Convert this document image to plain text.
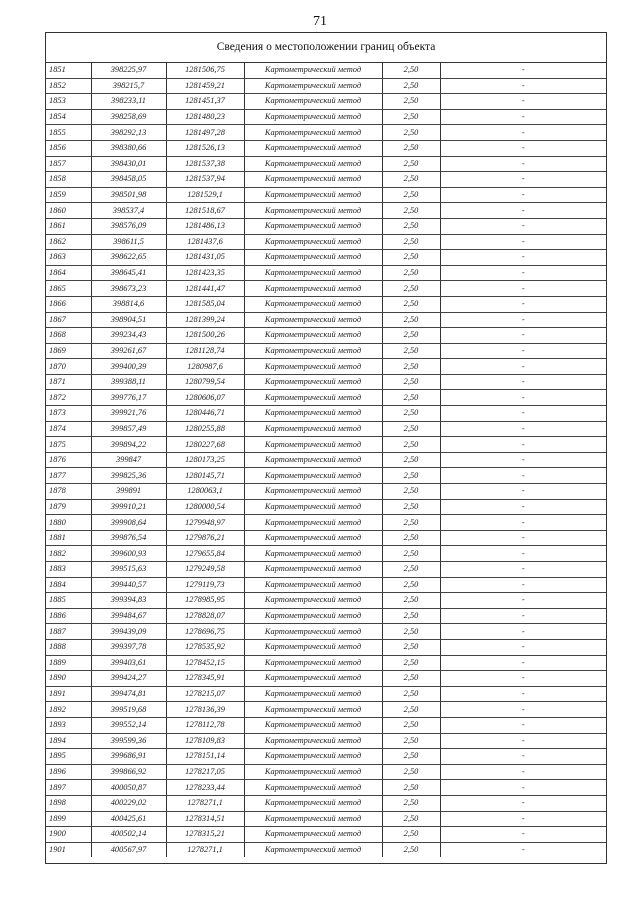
71
Сведения о местоположении границ объекта
1851	398225,97	1281506,75	Картометрический метод	2,50	-
1852	398215,7	1281459,21	Картометрический метод	2,50	-
1853	398233,11	1281451,37	Картометрический метод	2,50	-
1854	398258,69	1281480,23	Картометрический метод	2,50	-
1855	398292,13	1281497,28	Картометрический метод	2,50	-
1856	398380,66	1281526,13	Картометрический метод	2,50	-
1857	398430,01	1281537,38	Картометрический метод	2,50	-
1858	398458,05	1281537,94	Картометрический метод	2,50	-
1859	398501,98	1281529,1	Картометрический метод	2,50	-
1860	398537,4	1281518,67	Картометрический метод	2,50	-
1861	398576,09	1281486,13	Картометрический метод	2,50	-
1862	398611,5	1281437,6	Картометрический метод	2,50	-
1863	398622,65	1281431,05	Картометрический метод	2,50	-
1864	398645,41	1281423,35	Картометрический метод	2,50	-
1865	398673,23	1281441,47	Картометрический метод	2,50	-
1866	398814,6	1281585,04	Картометрический метод	2,50	-
1867	398904,51	1281399,24	Картометрический метод	2,50	-
1868	399234,43	1281500,26	Картометрический метод	2,50	-
1869	399261,67	1281128,74	Картометрический метод	2,50	-
1870	399400,39	1280987,6	Картометрический метод	2,50	-
1871	399388,11	1280799,54	Картометрический метод	2,50	-
1872	399776,17	1280606,07	Картометрический метод	2,50	-
1873	399921,76	1280446,71	Картометрический метод	2,50	-
1874	399857,49	1280255,88	Картометрический метод	2,50	-
1875	399894,22	1280227,68	Картометрический метод	2,50	-
1876	399847	1280173,25	Картометрический метод	2,50	-
1877	399825,36	1280145,71	Картометрический метод	2,50	-
1878	399891	1280063,1	Картометрический метод	2,50	-
1879	399910,21	1280000,54	Картометрический метод	2,50	-
1880	399908,64	1279948,97	Картометрический метод	2,50	-
1881	399876,54	1279876,21	Картометрический метод	2,50	-
1882	399600,93	1279655,84	Картометрический метод	2,50	-
1883	399515,63	1279249,58	Картометрический метод	2,50	-
1884	399440,57	1279119,73	Картометрический метод	2,50	-
1885	399394,83	1278985,95	Картометрический метод	2,50	-
1886	399484,67	1278828,07	Картометрический метод	2,50	-
1887	399439,09	1278696,75	Картометрический метод	2,50	-
1888	399397,78	1278535,92	Картометрический метод	2,50	-
1889	399403,61	1278452,15	Картометрический метод	2,50	-
1890	399424,27	1278345,91	Картометрический метод	2,50	-
1891	399474,81	1278215,07	Картометрический метод	2,50	-
1892	399519,68	1278136,39	Картометрический метод	2,50	-
1893	399552,14	1278112,78	Картометрический метод	2,50	-
1894	399599,36	1278109,83	Картометрический метод	2,50	-
1895	399686,91	1278151,14	Картометрический метод	2,50	-
1896	399866,92	1278217,05	Картометрический метод	2,50	-
1897	400050,87	1278233,44	Картометрический метод	2,50	-
1898	400229,02	1278271,1	Картометрический метод	2,50	-
1899	400425,61	1278314,51	Картометрический метод	2,50	-
1900	400502,14	1278315,21	Картометрический метод	2,50	-
1901	400567,97	1278271,1	Картометрический метод	2,50	-
